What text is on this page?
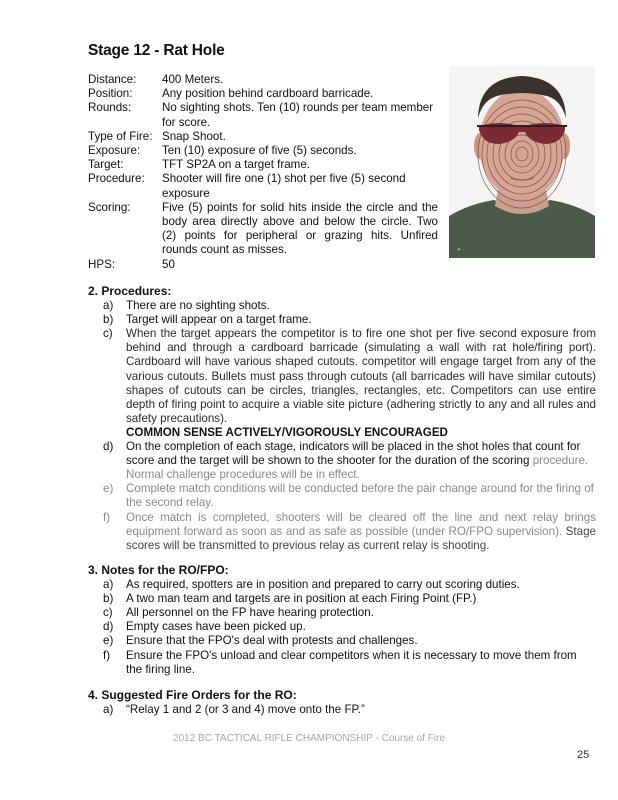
Stage 12 - Rat Hole
Distance:	400 Meters.
Position:	Any position behind cardboard barricade.
Rounds:	No sighting shots. Ten (10) rounds per team member for score.
Type of Fire: Snap Shoot.
Exposure:	Ten (10) exposure of five (5) seconds.
Target:	TFT SP2A on a target frame.
Procedure:	Shooter will fire one (1) shot per five (5) second exposure
Scoring:	Five (5) points for solid hits inside the circle and the body area directly above and below the circle. Two (2) points for peripheral or grazing hits. Unfired rounds count as misses.
HPS:	50
▲
2. Procedures:
a)	There are no sighting shots.
b)	Target will appear on a target frame.
c)	When the target appears the competitor is to fire one shot per five second exposure from behind and through a cardboard barricade (simulating a wall with rat hole/firing port). Cardboard will have various shaped cutouts. competitor will engage target from any of the various cutouts. Bullets must pass through cutouts (all barricades will have similar cutouts) shapes of cutouts can be circles, triangles, rectangles, etc. Competitors can use entire depth of firing point to acquire a viable site picture (adhering strictly to any and all rules and safety precautions).
COMMON SENSE ACTIVELY/VIGOROUSLY ENCOURAGED
d)	On the completion of each stage, indicators will be placed in the shot holes that count for score and the target will be shown to the shooter for the duration of the scoring procedure. Normal challenge procedures will be in effect.
e)	Complete match conditions will be conducted before the pair change around for the firing of the second relay.
f)	Once match is completed, shooters will be cleared off the line and next relay brings equipment forward as soon as and as safe as possible (under RO/FPO supervision). Stage scores will be transmitted to previous relay as current relay is shooting.
3. Notes for the RO/FPO:
a)	As required, spotters are in position and prepared to carry out scoring duties.
b)	A two man team and targets are in position at each Firing Point (FP.)
c)	All personnel on the FP have hearing protection.
d)	Empty cases have been picked up.
e)	Ensure that the FPO's deal with protests and challenges.
f)	Ensure the FPO's unload and clear competitors when it is necessary to move them from the firing line.
4. Suggested Fire Orders for the RO:
a)	“Relay 1 and 2 (or 3 and 4) move onto the FP.”
2012 BC TACTICAL RIFLE CHAMPIONSHIP - Course of Fire
25
